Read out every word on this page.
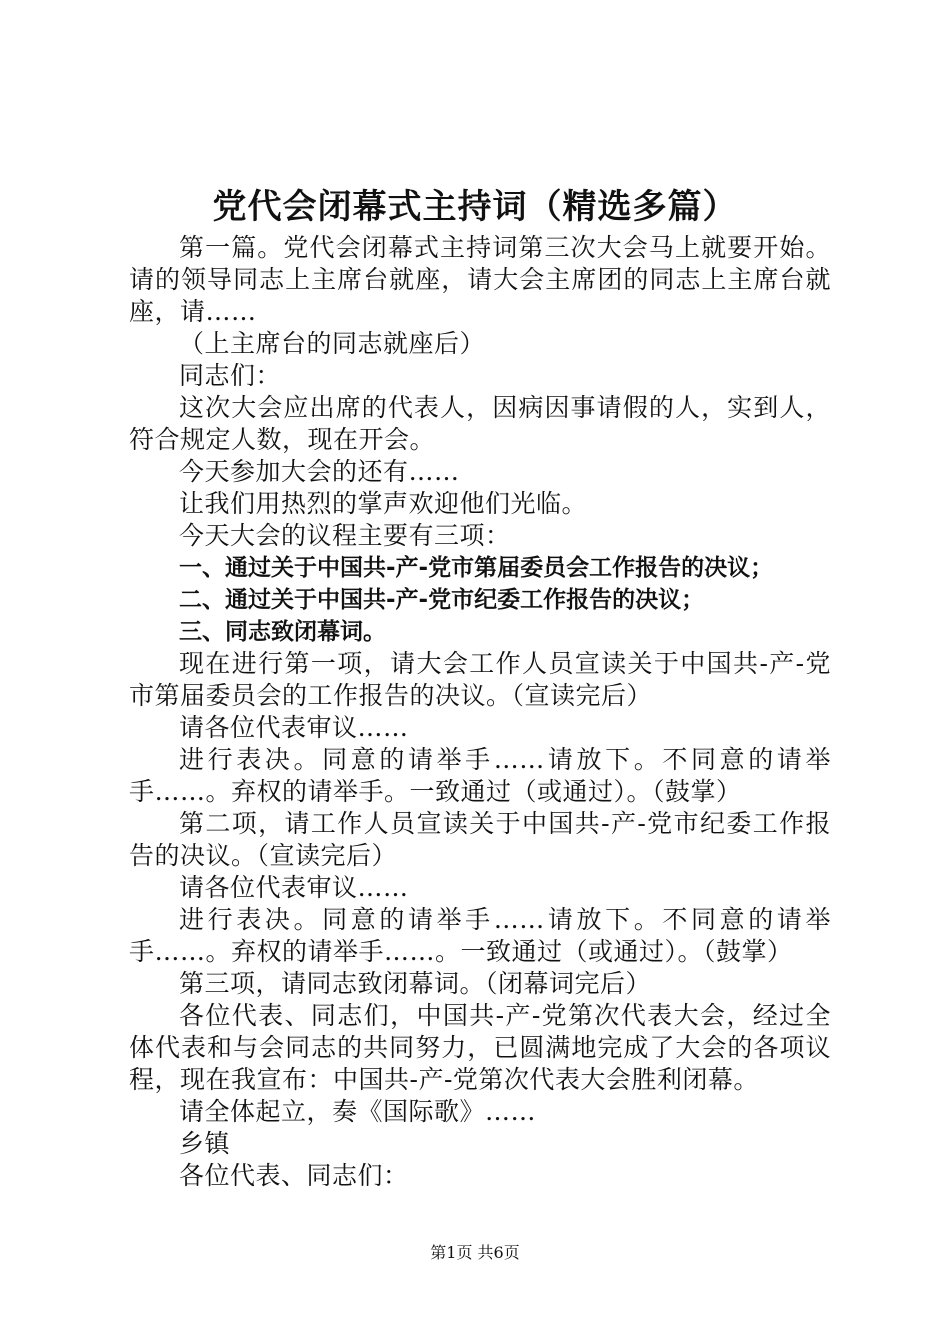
党代会闭幕式主持词（精选多篇）

第一篇。党代会闭幕式主持词第三次大会马上就要开始。请的领导同志上主席台就座，请大会主席团的同志上主席台就座，请……

（上主席台的同志就座后）

同志们：

这次大会应出席的代表人，因病因事请假的人，实到人，符合规定人数，现在开会。

今天参加大会的还有……

让我们用热烈的掌声欢迎他们光临。

今天大会的议程主要有三项：

一、通过关于中国共-产-党市第届委员会工作报告的决议；

二、通过关于中国共-产-党市纪委工作报告的决议；

三、同志致闭幕词。

现在进行第一项，请大会工作人员宣读关于中国共-产-党市第届委员会的工作报告的决议。（宣读完后）

请各位代表审议……

进行表决。同意的请举手……请放下。不同意的请举手……。弃权的请举手。一致通过（或通过）。（鼓掌）

第二项，请工作人员宣读关于中国共-产-党市纪委工作报告的决议。（宣读完后）

请各位代表审议……

进行表决。同意的请举手……请放下。不同意的请举手……。弃权的请举手……。一致通过（或通过）。（鼓掌）

第三项，请同志致闭幕词。（闭幕词完后）

各位代表、同志们，中国共-产-党第次代表大会，经过全体代表和与会同志的共同努力，已圆满地完成了大会的各项议程，现在我宣布：中国共-产-党第次代表大会胜利闭幕。

请全体起立，奏《国际歌》……

乡镇

各位代表、同志们：

第1页 共6页
